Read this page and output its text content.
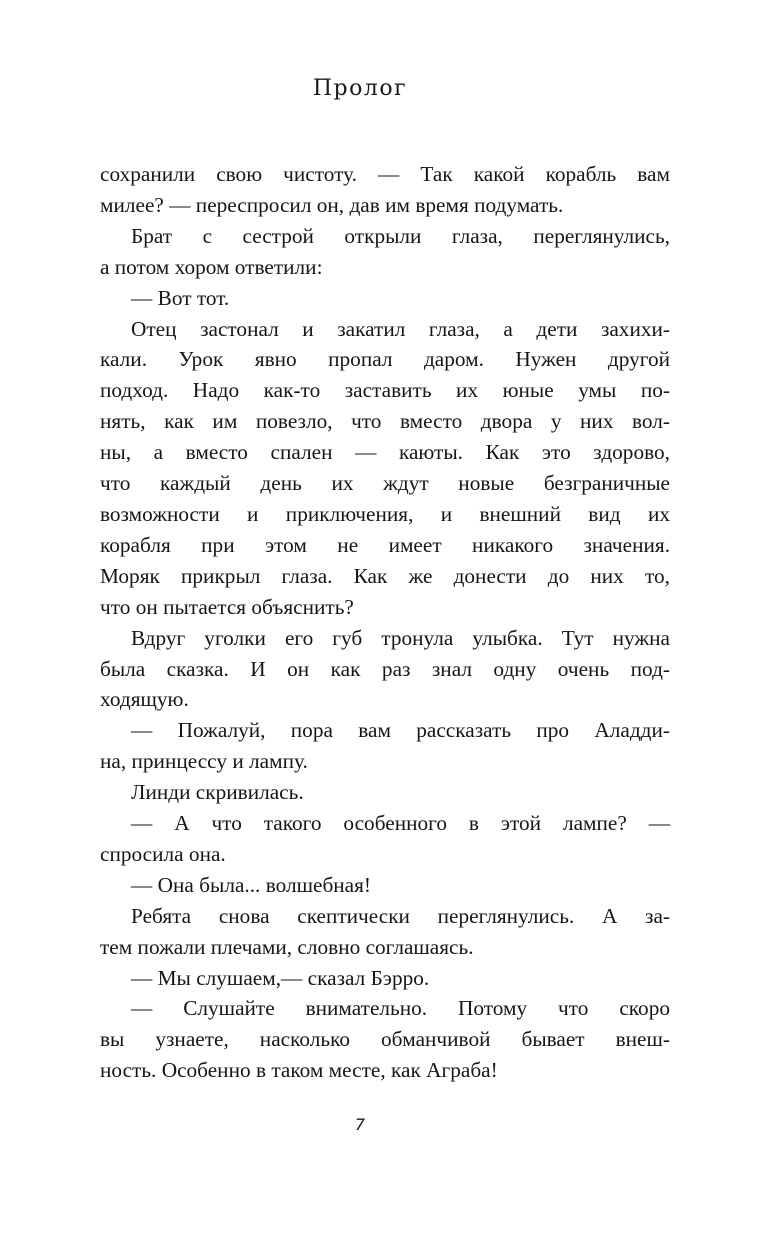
Пролог
сохранили свою чистоту. — Так какой корабль вам
милее? — переспросил он, дав им время подумать.
Брат с сестрой открыли глаза, переглянулись,
а потом хором ответили:
— Вот тот.
Отец застонал и закатил глаза, а дети захихи-
кали. Урок явно пропал даром. Нужен другой
подход. Надо как-то заставить их юные умы по-
нять, как им повезло, что вместо двора у них вол-
ны, а вместо спален — каюты. Как это здорово,
что каждый день их ждут новые безграничные
возможности и приключения, и внешний вид их
корабля при этом не имеет никакого значения.
Моряк прикрыл глаза. Как же донести до них то,
что он пытается объяснить?
Вдруг уголки его губ тронула улыбка. Тут нужна
была сказка. И он как раз знал одну очень под-
ходящую.
— Пожалуй, пора вам рассказать про Аладди-
на, принцессу и лампу.
Линди скривилась.
— А что такого особенного в этой лампе? —
спросила она.
— Она была... волшебная!
Ребята снова скептически переглянулись. А за-
тем пожали плечами, словно соглашаясь.
— Мы слушаем,— сказал Бэрро.
— Слушайте внимательно. Потому что скоро
вы узнаете, насколько обманчивой бывает внеш-
ность. Особенно в таком месте, как Аграба!
7
